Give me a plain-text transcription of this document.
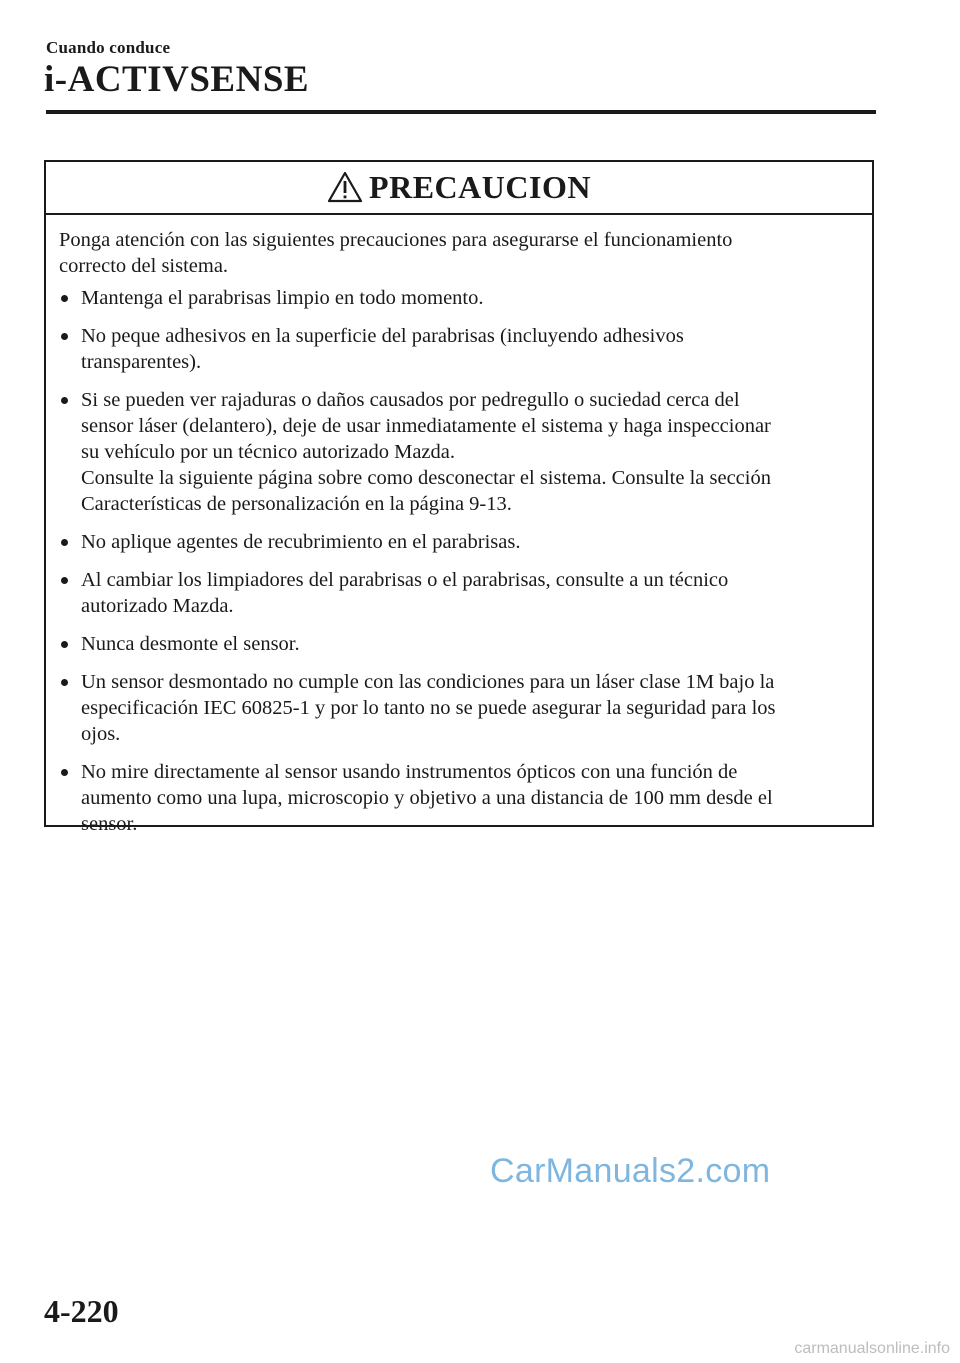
Cuando conduce
i-ACTIVSENSE
PRECAUCION

Ponga atención con las siguientes precauciones para asegurarse el funcionamiento
correcto del sistema.

Mantenga el parabrisas limpio en todo momento.
No peque adhesivos en la superficie del parabrisas (incluyendo adhesivos
transparentes).
Si se pueden ver rajaduras o daños causados por pedregullo o suciedad cerca del
sensor láser (delantero), deje de usar inmediatamente el sistema y haga inspeccionar
su vehículo por un técnico autorizado Mazda.
Consulte la siguiente página sobre como desconectar el sistema. Consulte la sección
Características de personalización en la página 9-13.
No aplique agentes de recubrimiento en el parabrisas.
Al cambiar los limpiadores del parabrisas o el parabrisas, consulte a un técnico
autorizado Mazda.
Nunca desmonte el sensor.
Un sensor desmontado no cumple con las condiciones para un láser clase 1M bajo la
especificación IEC 60825-1 y por lo tanto no se puede asegurar la seguridad para los
ojos.
No mire directamente al sensor usando instrumentos ópticos con una función de
aumento como una lupa, microscopio y objetivo a una distancia de 100 mm desde el
sensor.
CarManuals2.com
4-220
carmanualsonline.info
